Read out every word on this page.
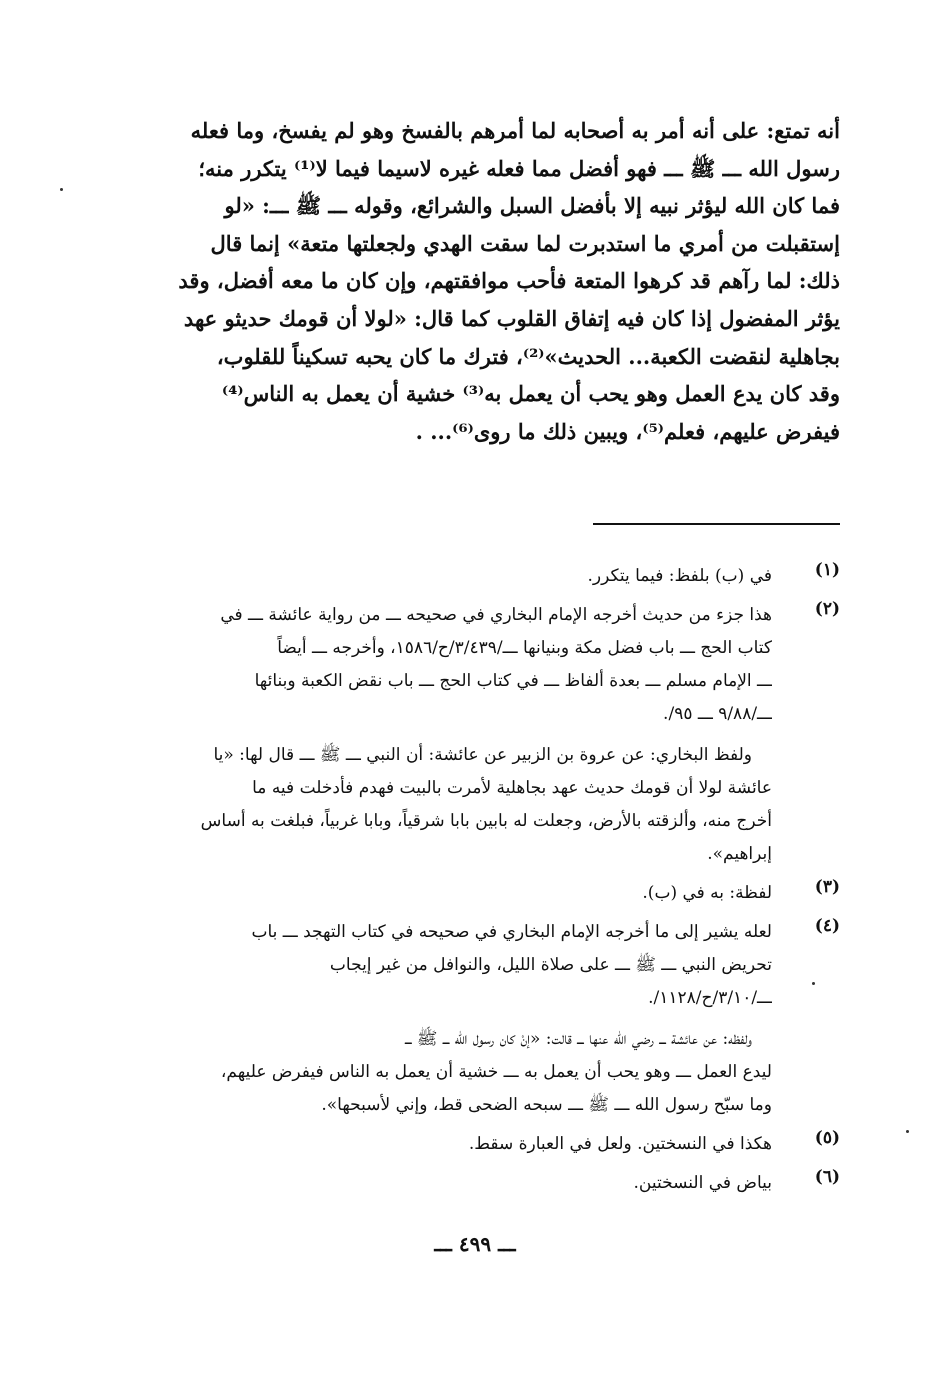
أنه تمتع: على أنه أمر به أصحابه لما أمرهم بالفسخ وهو لم يفسخ، وما فعله
رسول الله ـــ ﷺ ـــ فهو أفضل مما فعله غيره لاسيما فيما لا⁽¹⁾ يتكرر منه؛
فما كان الله ليؤثر نبيه إلا بأفضل السبل والشرائع، وقوله ـــ ﷺ ـــ: «لو
إستقبلت من أمري ما استدبرت لما سقت الهدي ولجعلتها متعة» إنما قال
ذلك: لما رآهم قد كرهوا المتعة فأحب موافقتهم، وإن كان ما معه أفضل، وقد
يؤثر المفضول إذا كان فيه إتفاق القلوب كما قال: «لولا أن قومك حديثو عهد
بجاهلية لنقضت الكعبة... الحديث»⁽²⁾، فترك ما كان يحبه تسكيناً للقلوب،
وقد كان يدع العمل وهو يحب أن يعمل به⁽³⁾ خشية أن يعمل به الناس⁽⁴⁾
فيفرض عليهم، فعلم⁽⁵⁾، ويبين ذلك ما روى⁽⁶⁾... .
(١)
في (ب) بلفظ: فيما يتكرر.
(٢)
هذا جزء من حديث أخرجه الإمام البخاري في صحيحه ـــ من رواية عائشة ـــ في
كتاب الحج ـــ باب فضل مكة وبنيانها ـــ/٣/٤٣٩/ح/١٥٨٦، وأخرجه ـــ أيضاً
ـــ الإمام مسلم ـــ بعدة ألفاظ ـــ في كتاب الحج ـــ باب نقض الكعبة وبنائها
ـــ/٩/٨٨ ـــ ٩٥/.
ولفظ البخاري: عن عروة بن الزبير عن عائشة: أن النبي ـــ ﷺ ـــ قال لها: «يا
عائشة لولا أن قومك حديث عهد بجاهلية لأمرت بالبيت فهدم فأدخلت فيه ما
أخرج منه، وألزقته بالأرض، وجعلت له بابين بابا شرقياً، وبابا غربياً، فبلغت به أساس
إبراهيم».
(٣)
لفظة: به في (ب).
(٤)
لعله يشير إلى ما أخرجه الإمام البخاري في صحيحه في كتاب التهجد ـــ باب
تحريض النبي ـــ ﷺ ـــ على صلاة الليل، والنوافل من غير إيجاب
ـــ/٣/١٠/ح/١١٢٨/.
ولفظه: عن عائشة ـــ رضي الله عنها ـــ قالت: «إنْ كان رسول الله ـــ ﷺ ـــ
ليدع العمل ـــ وهو يحب أن يعمل به ـــ خشية أن يعمل به الناس فيفرض عليهم،
وما سبّح رسول الله ـــ ﷺ ـــ سبحه الضحى قط، وإني لأسبحها».
(٥)
هكذا في النسختين. ولعل في العبارة سقط.
(٦)
بياض في النسختين.
ـــ ٤٩٩ ـــ
